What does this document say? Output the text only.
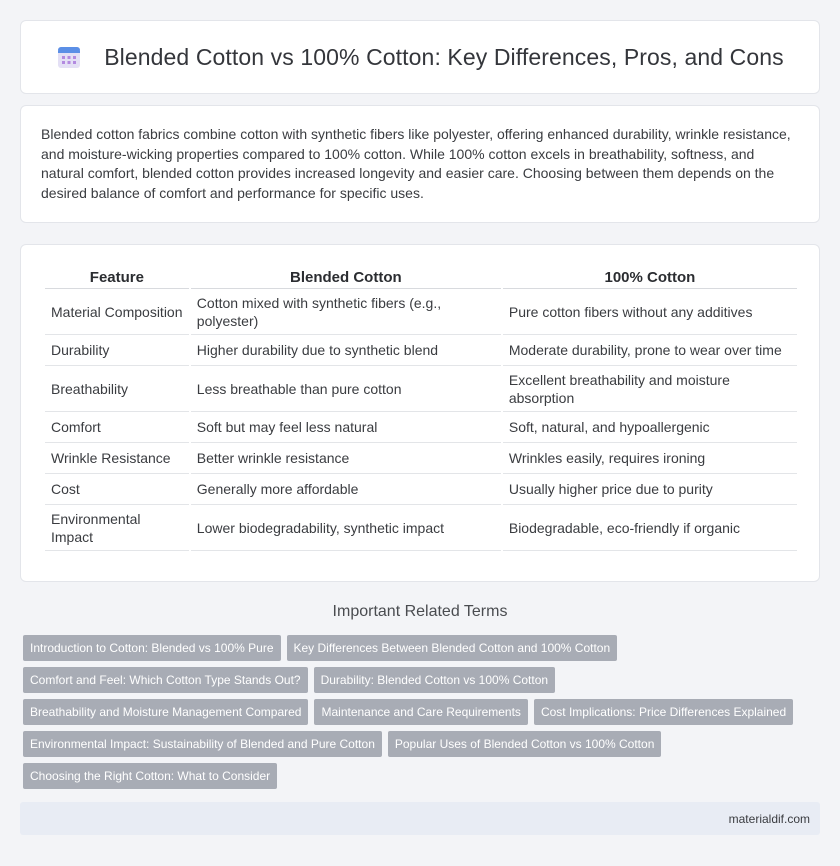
Blended Cotton vs 100% Cotton: Key Differences, Pros, and Cons

Blended cotton fabrics combine cotton with synthetic fibers like polyester, offering enhanced durability, wrinkle resistance, and moisture-wicking properties compared to 100% cotton. While 100% cotton excels in breathability, softness, and natural comfort, blended cotton provides increased longevity and easier care. Choosing between them depends on the desired balance of comfort and performance for specific uses.

Feature	Blended Cotton	100% Cotton
Material Composition	Cotton mixed with synthetic fibers (e.g., polyester)	Pure cotton fibers without any additives
Durability	Higher durability due to synthetic blend	Moderate durability, prone to wear over time
Breathability	Less breathable than pure cotton	Excellent breathability and moisture absorption
Comfort	Soft but may feel less natural	Soft, natural, and hypoallergenic
Wrinkle Resistance	Better wrinkle resistance	Wrinkles easily, requires ironing
Cost	Generally more affordable	Usually higher price due to purity
Environmental Impact	Lower biodegradability, synthetic impact	Biodegradable, eco-friendly if organic
Important Related Terms
Introduction to Cotton: Blended vs 100% Pure	Key Differences Between Blended Cotton and 100% Cotton
Comfort and Feel: Which Cotton Type Stands Out?	Durability: Blended Cotton vs 100% Cotton
Breathability and Moisture Management Compared	Maintenance and Care Requirements	Cost Implications: Price Differences Explained
Environmental Impact: Sustainability of Blended and Pure Cotton	Popular Uses of Blended Cotton vs 100% Cotton
Choosing the Right Cotton: What to Consider
materialdif.com
